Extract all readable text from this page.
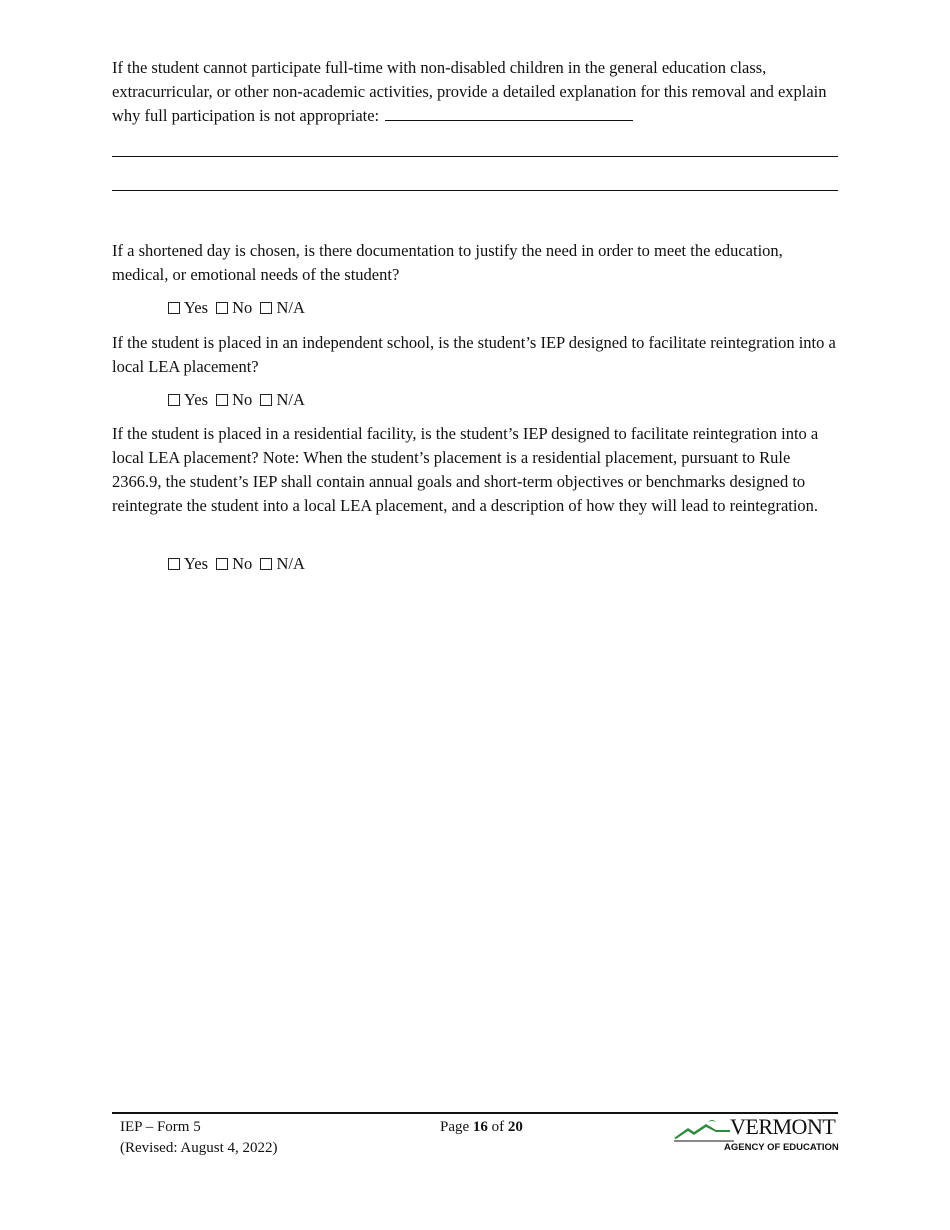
If the student cannot participate full-time with non-disabled children in the general education class, extracurricular, or other non-academic activities, provide a detailed explanation for this removal and explain why full participation is not appropriate:

If a shortened day is chosen, is there documentation to justify the need in order to meet the education, medical, or emotional needs of the student?

Yes No N/A

If the student is placed in an independent school, is the student’s IEP designed to facilitate reintegration into a local LEA placement?

Yes No N/A

If the student is placed in a residential facility, is the student’s IEP designed to facilitate reintegration into a local LEA placement? Note: When the student’s placement is a residential placement, pursuant to Rule 2366.9, the student’s IEP shall contain annual goals and short-term objectives or benchmarks designed to reintegrate the student into a local LEA placement, and a description of how they will lead to reintegration.

Yes No N/A
IEP – Form 5
(Revised: August 4, 2022)
Page 16 of 20	VERMONT
AGENCY OF EDUCATION
